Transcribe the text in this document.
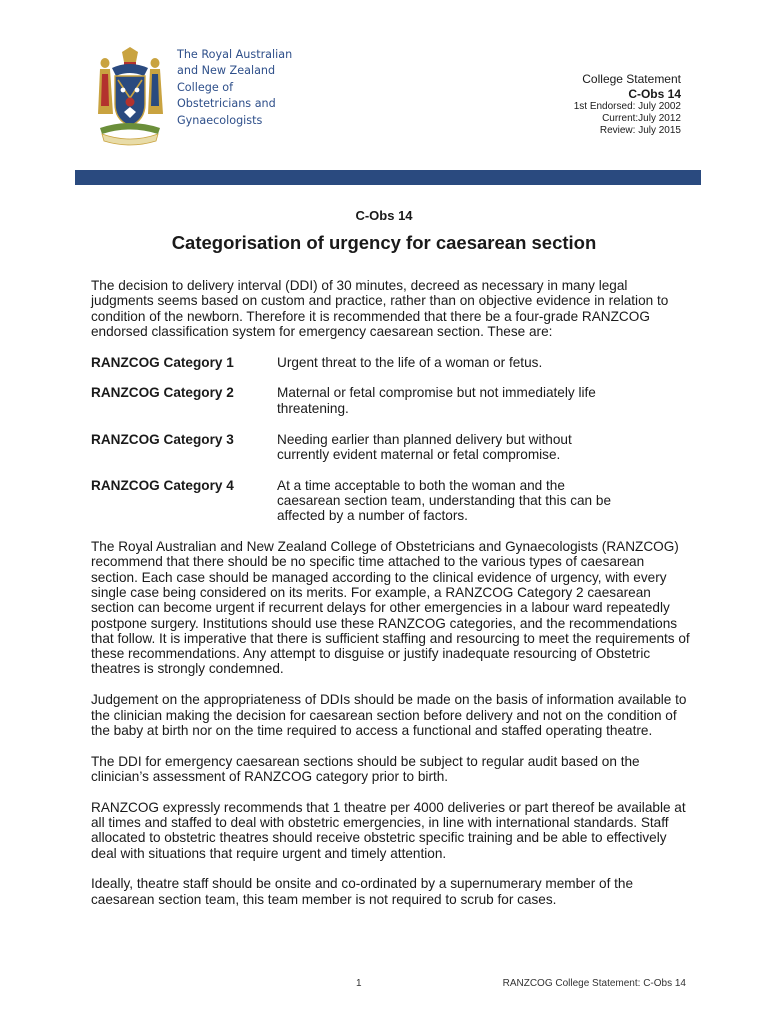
The Royal Australian
and New Zealand
College of
Obstetricians and
Gynaecologists
College Statement
C-Obs 14
1st Endorsed: July 2002
Current:July 2012
Review: July 2015
C-Obs 14
Categorisation of urgency for caesarean section

The decision to delivery interval (DDI) of 30 minutes, decreed as necessary in many legal judgments seems based on custom and practice, rather than on objective evidence in relation to condition of the newborn. Therefore it is recommended that there be a four-grade RANZCOG endorsed classification system for emergency caesarean section. These are:

RANZCOG Category 1	Urgent threat to the life of a woman or fetus.
RANZCOG Category 2	Maternal or fetal compromise but not immediately life threatening.
RANZCOG Category 3	Needing earlier than planned delivery but without currently evident maternal or fetal compromise.
RANZCOG Category 4	At a time acceptable to both the woman and the caesarean section team, understanding that this can be affected by a number of factors.

The Royal Australian and New Zealand College of Obstetricians and Gynaecologists (RANZCOG) recommend that there should be no specific time attached to the various types of caesarean section. Each case should be managed according to the clinical evidence of urgency, with every single case being considered on its merits. For example, a RANZCOG Category 2 caesarean section can become urgent if recurrent delays for other emergencies in a labour ward repeatedly postpone surgery. Institutions should use these RANZCOG categories, and the recommendations that follow. It is imperative that there is sufficient staffing and resourcing to meet the requirements of these recommendations. Any attempt to disguise or justify inadequate resourcing of Obstetric theatres is strongly condemned.

Judgement on the appropriateness of DDIs should be made on the basis of information available to the clinician making the decision for caesarean section before delivery and not on the condition of the baby at birth nor on the time required to access a functional and staffed operating theatre.

The DDI for emergency caesarean sections should be subject to regular audit based on the clinician’s assessment of RANZCOG category prior to birth.

RANZCOG expressly recommends that 1 theatre per 4000 deliveries or part thereof be available at all times and staffed to deal with obstetric emergencies, in line with international standards. Staff allocated to obstetric theatres should receive obstetric specific training and be able to effectively deal with situations that require urgent and timely attention.

Ideally, theatre staff should be onsite and co-ordinated by a supernumerary member of the caesarean section team, this team member is not required to scrub for cases.

1	RANZCOG College Statement: C-Obs 14
